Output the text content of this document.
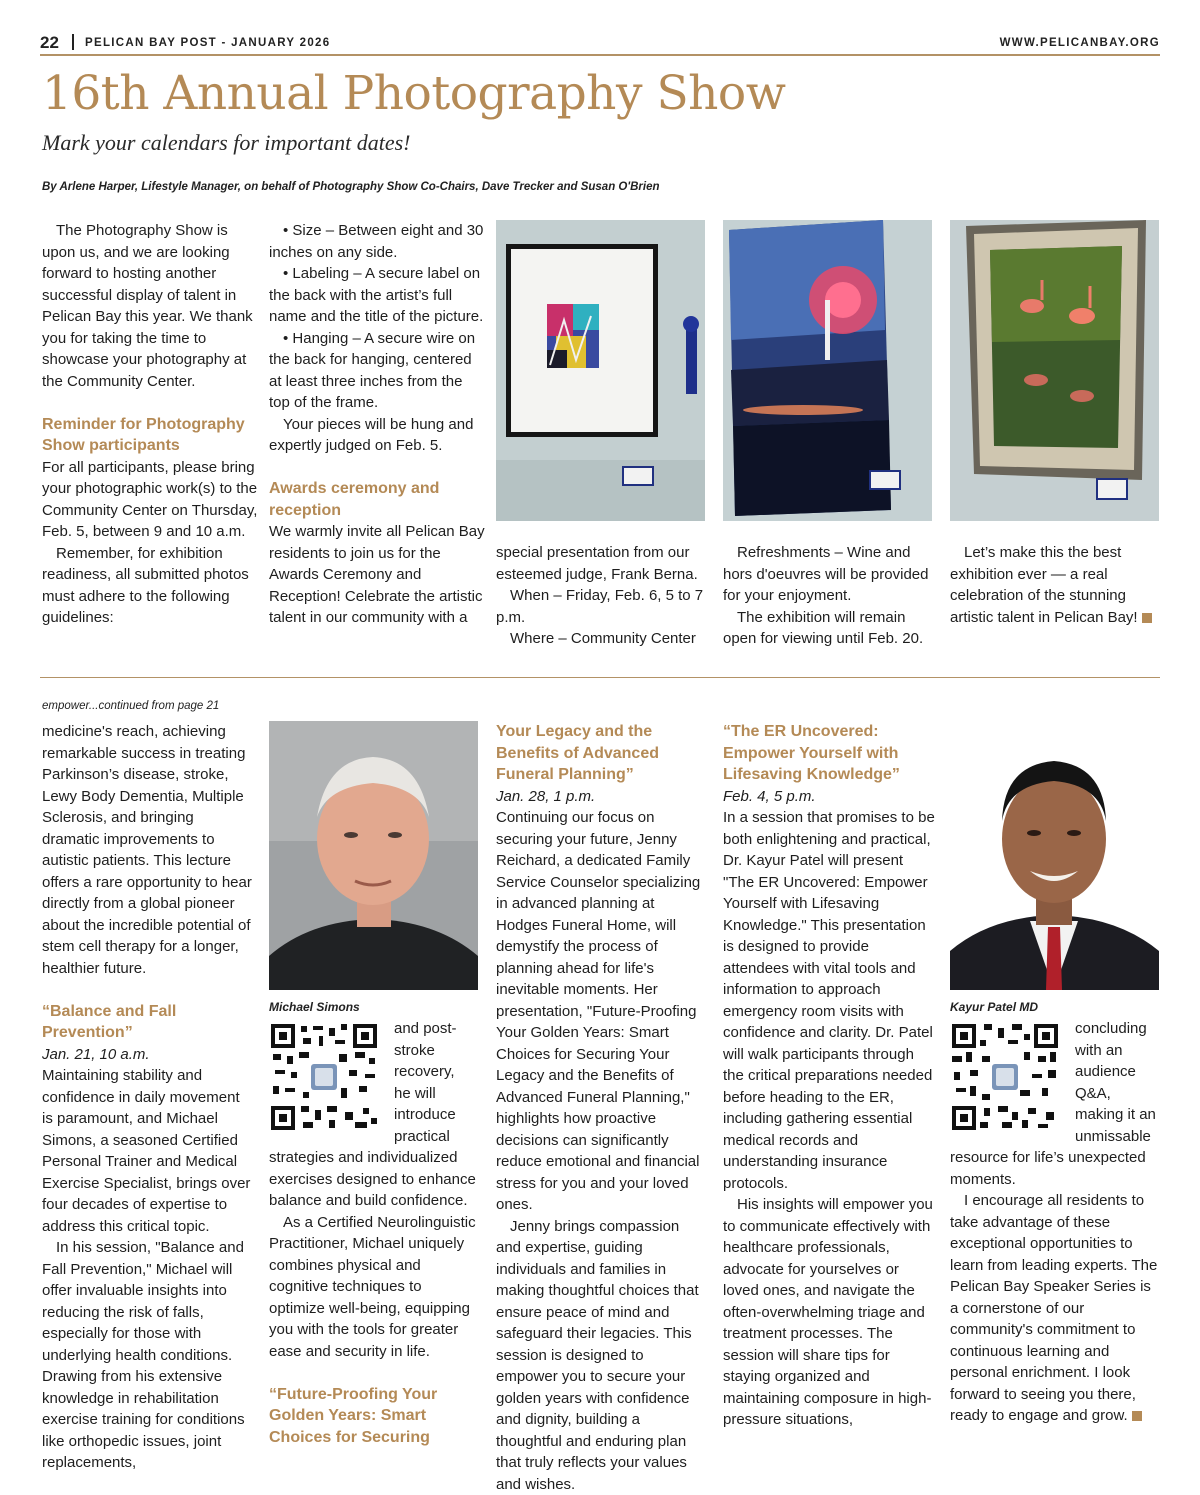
22 PELICAN BAY POST - JANUARY 2026	WWW.PELICANBAY.ORG
16th Annual Photography Show
Mark your calendars for important dates!
By Arlene Harper, Lifestyle Manager, on behalf of Photography Show Co-Chairs, Dave Trecker and Susan O'Brien

The Photography Show is upon us, and we are looking forward to hosting another successful display of talent in Pelican Bay this year. We thank you for taking the time to showcase your photography at the Community Center.

Reminder for Photography Show participants

For all participants, please bring your photographic work(s) to the Community Center on Thursday, Feb. 5, between 9 and 10 a.m.

Remember, for exhibition readiness, all submitted photos must adhere to the following guidelines:

• Size – Between eight and 30 inches on any side.

• Labeling – A secure label on the back with the artist’s full name and the title of the picture.

• Hanging – A secure wire on the back for hanging, centered at least three inches from the top of the frame.

Your pieces will be hung and expertly judged on Feb. 5.

Awards ceremony and reception

We warmly invite all Pelican Bay residents to join us for the Awards Ceremony and Reception! Celebrate the artistic talent in our community with a

special presentation from our esteemed judge, Frank Berna.

When – Friday, Feb. 6, 5 to 7 p.m.

Where – Community Center

Refreshments – Wine and hors d'oeuvres will be provided for your enjoyment.

The exhibition will remain open for viewing until Feb. 20.

Let’s make this the best exhibition ever — a real celebration of the stunning artistic talent in Pelican Bay!

empower...continued from page 21

medicine's reach, achieving remarkable success in treating Parkinson’s disease, stroke, Lewy Body Dementia, Multiple Sclerosis, and bringing dramatic improvements to autistic patients. This lecture offers a rare opportunity to hear directly from a global pioneer about the incredible potential of stem cell therapy for a longer, healthier future.

“Balance and Fall Prevention”

Jan. 21, 10 a.m.

Maintaining stability and confidence in daily movement is paramount, and Michael Simons, a seasoned Certified Personal Trainer and Medical Exercise Specialist, brings over four decades of expertise to address this critical topic.

In his session, "Balance and Fall Prevention," Michael will offer invaluable insights into reducing the risk of falls, especially for those with underlying health conditions. Drawing from his extensive knowledge in rehabilitation exercise training for conditions like orthopedic issues, joint replacements,

Michael Simons

and post-stroke recovery, he will introduce practical

strategies and individualized exercises designed to enhance balance and build confidence.

As a Certified Neurolinguistic Practitioner, Michael uniquely combines physical and cognitive techniques to optimize well-being, equipping you with the tools for greater ease and security in life.

“Future-Proofing Your Golden Years: Smart Choices for Securing

Your Legacy and the Benefits of Advanced Funeral Planning”

Jan. 28, 1 p.m.

Continuing our focus on securing your future, Jenny Reichard, a dedicated Family Service Counselor specializing in advanced planning at Hodges Funeral Home, will demystify the process of planning ahead for life's inevitable moments. Her presentation, "Future-Proofing Your Golden Years: Smart Choices for Securing Your Legacy and the Benefits of Advanced Funeral Planning," highlights how proactive decisions can significantly reduce emotional and financial stress for you and your loved ones.

Jenny brings compassion and expertise, guiding individuals and families in making thoughtful choices that ensure peace of mind and safeguard their legacies. This session is designed to empower you to secure your golden years with confidence and dignity, building a thoughtful and enduring plan that truly reflects your values and wishes.

“The ER Uncovered: Empower Yourself with Lifesaving Knowledge”

Feb. 4, 5 p.m.

In a session that promises to be both enlightening and practical, Dr. Kayur Patel will present "The ER Uncovered: Empower Yourself with Lifesaving Knowledge." This presentation is designed to provide attendees with vital tools and information to approach emergency room visits with confidence and clarity. Dr. Patel will walk participants through the critical preparations needed before heading to the ER, including gathering essential medical records and understanding insurance protocols.

His insights will empower you to communicate effectively with healthcare professionals, advocate for yourselves or loved ones, and navigate the often-overwhelming triage and treatment processes. The session will share tips for staying organized and maintaining composure in high-pressure situations,

Kayur Patel MD

concluding with an audience Q&A, making it an unmissable

resource for life’s unexpected moments.

I encourage all residents to take advantage of these exceptional opportunities to learn from leading experts. The Pelican Bay Speaker Series is a cornerstone of our community's commitment to continuous learning and personal enrichment. I look forward to seeing you there, ready to engage and grow.
